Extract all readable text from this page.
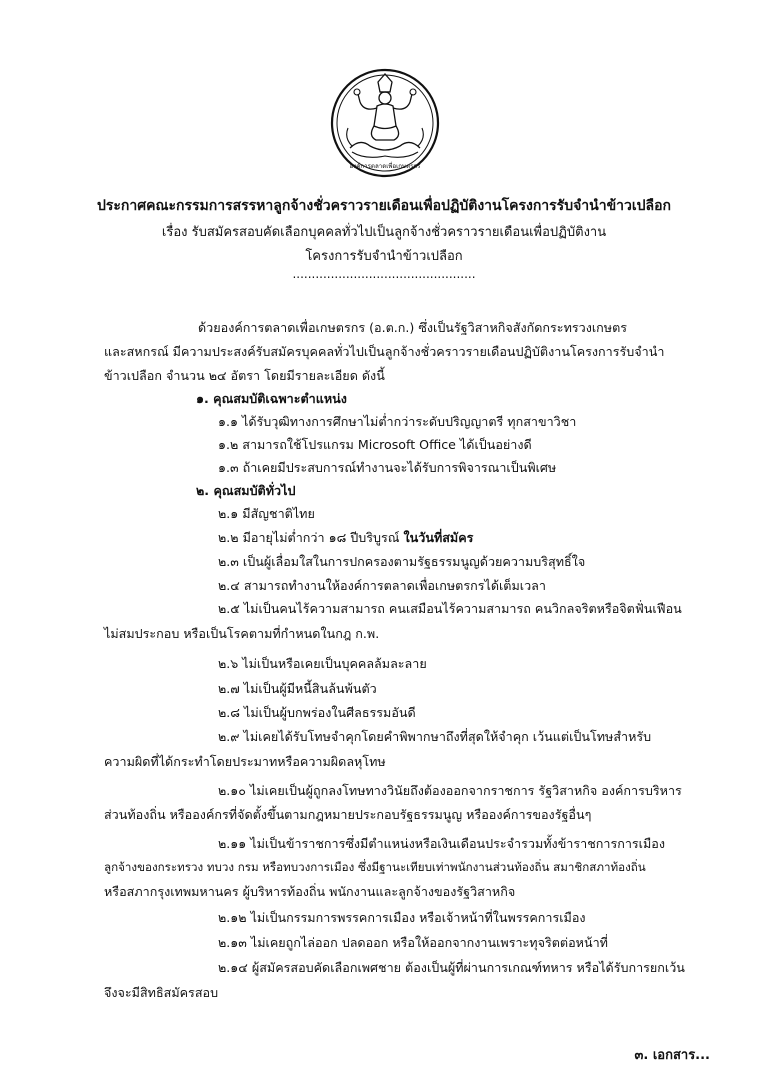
องค์การตลาดเพื่อเกษตรกร
ประกาศคณะกรรมการสรรหาลูกจ้างชั่วคราวรายเดือนเพื่อปฏิบัติงานโครงการรับจำนำข้าวเปลือก
เรื่อง รับสมัครสอบคัดเลือกบุคคลทั่วไปเป็นลูกจ้างชั่วคราวรายเดือนเพื่อปฏิบัติงาน
โครงการรับจำนำข้าวเปลือก
................................................
ด้วยองค์การตลาดเพื่อเกษตรกร (อ.ต.ก.) ซึ่งเป็นรัฐวิสาหกิจสังกัดกระทรวงเกษตร
และสหกรณ์ มีความประสงค์รับสมัครบุคคลทั่วไปเป็นลูกจ้างชั่วคราวรายเดือนปฏิบัติงานโครงการรับจำนำ
ข้าวเปลือก จำนวน ๒๔ อัตรา โดยมีรายละเอียด ดังนี้
๑. คุณสมบัติเฉพาะตำแหน่ง
๑.๑ ได้รับวุฒิทางการศึกษาไม่ต่ำกว่าระดับปริญญาตรี ทุกสาขาวิชา
๑.๒ สามารถใช้โปรแกรม Microsoft Office ได้เป็นอย่างดี
๑.๓ ถ้าเคยมีประสบการณ์ทำงานจะได้รับการพิจารณาเป็นพิเศษ
๒. คุณสมบัติทั่วไป
๒.๑ มีสัญชาติไทย
๒.๒ มีอายุไม่ต่ำกว่า ๑๘ ปีบริบูรณ์ ในวันที่สมัคร
๒.๓ เป็นผู้เลื่อมใสในการปกครองตามรัฐธรรมนูญด้วยความบริสุทธิ์ใจ
๒.๔ สามารถทำงานให้องค์การตลาดเพื่อเกษตรกรได้เต็มเวลา
๒.๕ ไม่เป็นคนไร้ความสามารถ คนเสมือนไร้ความสามารถ คนวิกลจริตหรือจิตฟั่นเฟือน
ไม่สมประกอบ หรือเป็นโรคตามที่กำหนดในกฎ ก.พ.
๒.๖ ไม่เป็นหรือเคยเป็นบุคคลล้มละลาย
๒.๗ ไม่เป็นผู้มีหนี้สินล้นพ้นตัว
๒.๘ ไม่เป็นผู้บกพร่องในศีลธรรมอันดี
๒.๙ ไม่เคยได้รับโทษจำคุกโดยคำพิพากษาถึงที่สุดให้จำคุก เว้นแต่เป็นโทษสำหรับ
ความผิดที่ได้กระทำโดยประมาทหรือความผิดลหุโทษ
๒.๑๐ ไม่เคยเป็นผู้ถูกลงโทษทางวินัยถึงต้องออกจากราชการ รัฐวิสาหกิจ องค์การบริหาร
ส่วนท้องถิ่น หรือองค์กรที่จัดตั้งขึ้นตามกฎหมายประกอบรัฐธรรมนูญ หรือองค์การของรัฐอื่นๆ
๒.๑๑ ไม่เป็นข้าราชการซึ่งมีตำแหน่งหรือเงินเดือนประจำรวมทั้งข้าราชการการเมือง
ลูกจ้างของกระทรวง ทบวง กรม หรือทบวงการเมือง ซึ่งมีฐานะเทียบเท่าพนักงานส่วนท้องถิ่น สมาชิกสภาท้องถิ่น
หรือสภากรุงเทพมหานคร ผู้บริหารท้องถิ่น พนักงานและลูกจ้างของรัฐวิสาหกิจ
๒.๑๒ ไม่เป็นกรรมการพรรคการเมือง หรือเจ้าหน้าที่ในพรรคการเมือง
๒.๑๓ ไม่เคยถูกไล่ออก ปลดออก หรือให้ออกจากงานเพราะทุจริตต่อหน้าที่
๒.๑๔ ผู้สมัครสอบคัดเลือกเพศชาย ต้องเป็นผู้ที่ผ่านการเกณฑ์ทหาร หรือได้รับการยกเว้น
จึงจะมีสิทธิสมัครสอบ
๓. เอกสาร...
